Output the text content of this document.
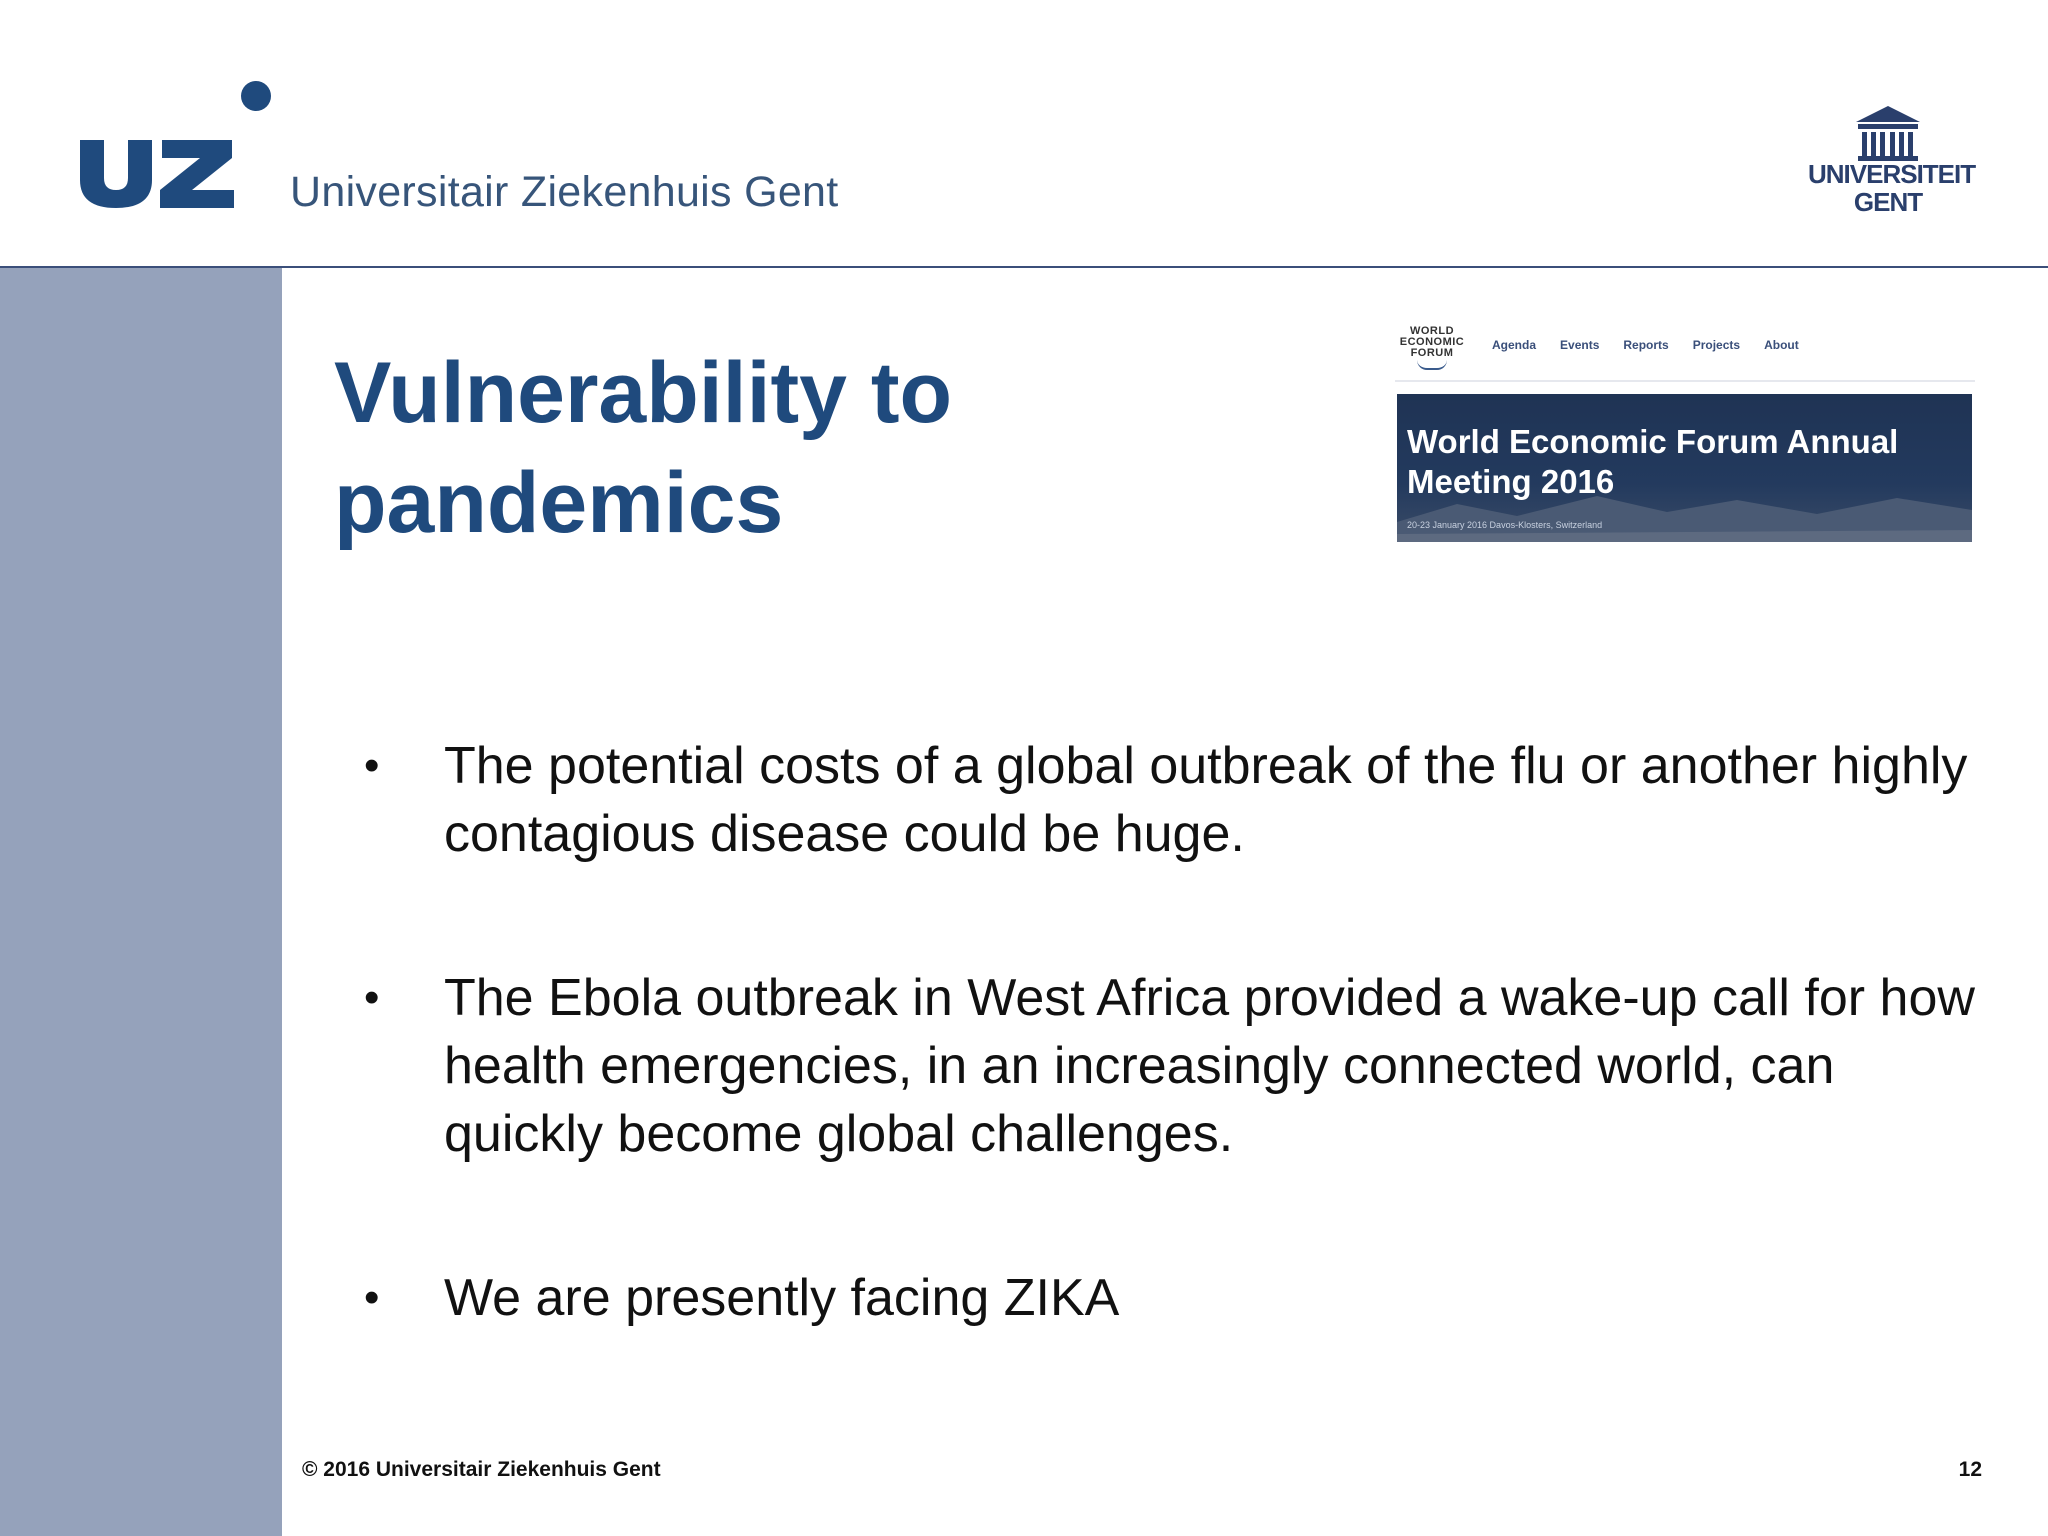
Universitair Ziekenhuis Gent	UNIVERSITEIT GENT
Vulnerability to pandemics
WORLD ECONOMIC FORUM
Agenda Events Reports Projects About
World Economic Forum Annual Meeting 2016
20-23 January 2016 Davos-Klosters, Switzerland
• The potential costs of a global outbreak of the flu or another highly contagious disease could be huge.
• The Ebola outbreak in West Africa provided a wake-up call for how health emergencies, in an increasingly connected world, can quickly become global challenges.
• We are presently facing ZIKA
© 2016 Universitair Ziekenhuis Gent	12
